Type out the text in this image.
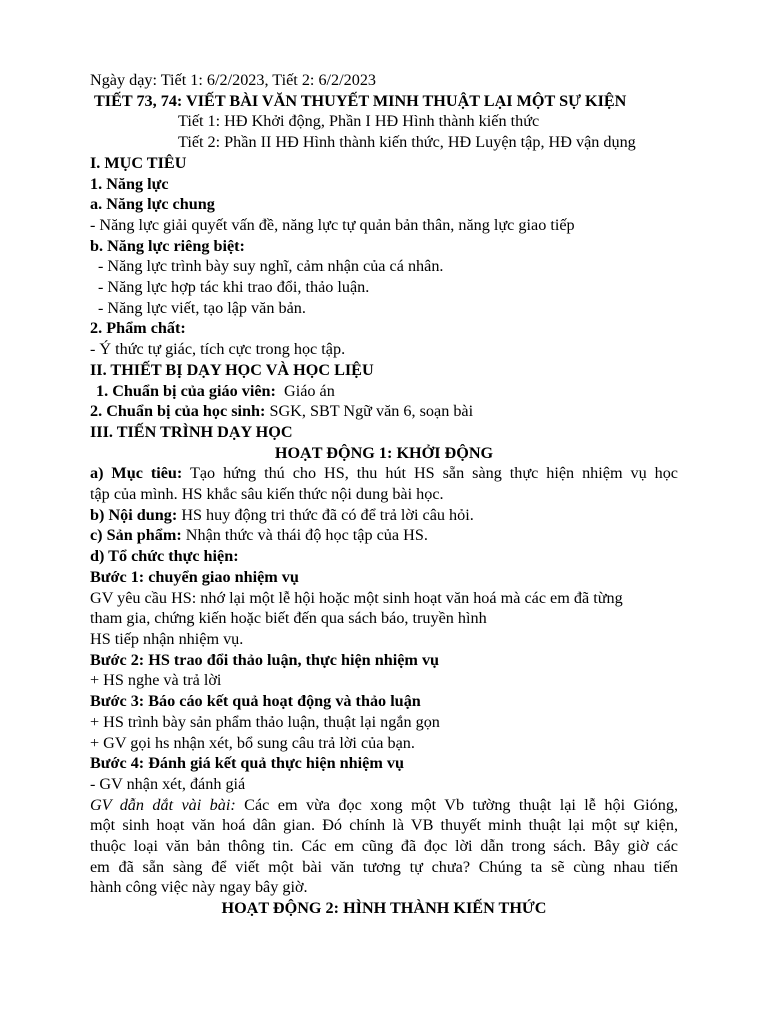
Ngày dạy: Tiết 1: 6/2/2023, Tiết 2: 6/2/2023
TIẾT 73, 74: VIẾT BÀI VĂN THUYẾT MINH THUẬT LẠI MỘT SỰ KIỆN
Tiết 1: HĐ Khởi động, Phần I HĐ Hình thành kiến thức
Tiết 2: Phần II HĐ Hình thành kiến thức, HĐ Luyện tập, HĐ vận dụng
I. MỤC TIÊU
1. Năng lực
a. Năng lực chung
- Năng lực giải quyết vấn đề, năng lực tự quản bản thân, năng lực giao tiếp
b. Năng lực riêng biệt:
- Năng lực trình bày suy nghĩ, cảm nhận của cá nhân.
- Năng lực hợp tác khi trao đổi, thảo luận.
- Năng lực viết, tạo lập văn bản.
2. Phẩm chất:
- Ý thức tự giác, tích cực trong học tập.
II. THIẾT BỊ DẠY HỌC VÀ HỌC LIỆU
1. Chuẩn bị của giáo viên:  Giáo án
2. Chuẩn bị của học sinh: SGK, SBT Ngữ văn 6, soạn bài
III. TIẾN TRÌNH DẠY HỌC
HOẠT ĐỘNG 1: KHỞI ĐỘNG
a) Mục tiêu: Tạo hứng thú cho HS, thu hút HS sẵn sàng thực hiện nhiệm vụ học
tập của mình. HS khắc sâu kiến thức nội dung bài học.
b) Nội dung: HS huy động tri thức đã có để trả lời câu hỏi.
c) Sản phẩm: Nhận thức và thái độ học tập của HS.
d) Tổ chức thực hiện:
Bước 1: chuyển giao nhiệm vụ
GV yêu cầu HS: nhớ lại một lễ hội hoặc một sinh hoạt văn hoá mà các em đã từng
tham gia, chứng kiến hoặc biết đến qua sách báo, truyền hình
HS tiếp nhận nhiệm vụ.
Bước 2: HS trao đổi thảo luận, thực hiện nhiệm vụ
+ HS nghe và trả lời
Bước 3: Báo cáo kết quả hoạt động và thảo luận
+ HS trình bày sản phẩm thảo luận, thuật lại ngắn gọn
+ GV gọi hs nhận xét, bổ sung câu trả lời của bạn.
Bước 4: Đánh giá kết quả thực hiện nhiệm vụ
- GV nhận xét, đánh giá
GV dẫn dắt vài bài: Các em vừa đọc xong một Vb tường thuật lại lễ hội Gióng,
một sinh hoạt văn hoá dân gian. Đó chính là VB thuyết minh thuật lại một sự kiện,
thuộc loại văn bản thông tin. Các em cũng đã đọc lời dẫn trong sách. Bây giờ các
em đã sẵn sàng để viết một bài văn tương tự chưa? Chúng ta sẽ cùng nhau tiến
hành công việc này ngay bây giờ.
HOẠT ĐỘNG 2: HÌNH THÀNH KIẾN THỨC
